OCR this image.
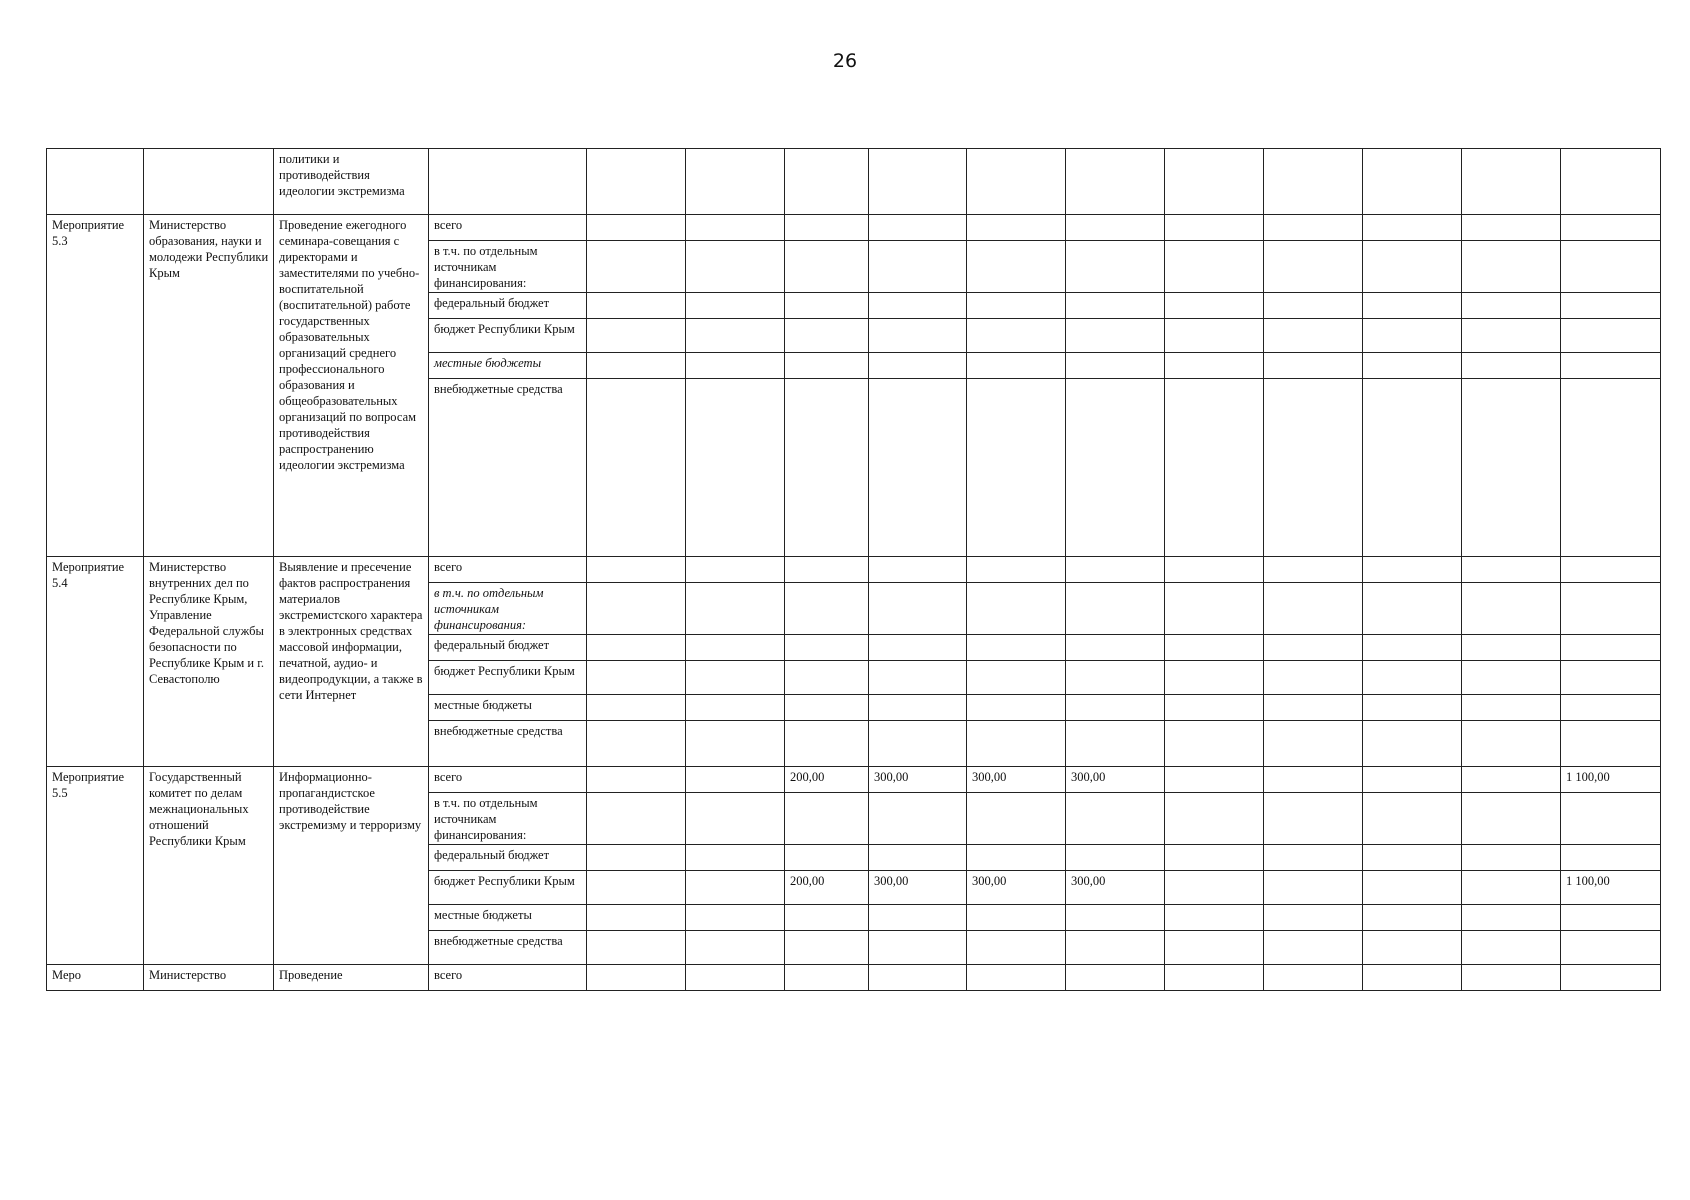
26
		политики и противодействия идеологии экстремизма												
Мероприятие 5.3	Министерство образования, науки и молодежи Республики Крым	Проведение ежегодного семинара-совещания с директорами и заместителями по учебно-воспитательной (воспитательной) работе государственных образовательных организаций среднего профессионального образования и общеобразовательных организаций по вопросам противодействия распространению идеологии экстремизма	всего											
			в т.ч. по отдельным источникам финансирования:											
			федеральный бюджет											
			бюджет Республики Крым											
			местные бюджеты											
			внебюджетные средства											
Мероприятие 5.4	Министерство внутренних дел по Республике Крым, Управление Федеральной службы безопасности по Республике Крым и г. Севастополю	Выявление и пресечение фактов распространения материалов экстремистского характера в электронных средствах массовой информации, печатной, аудио- и видеопродукции, а также в сети Интернет	всего											
			в т.ч. по отдельным источникам финансирования:											
			федеральный бюджет											
			бюджет Республики Крым											
			местные бюджеты											
			внебюджетные средства											
Мероприятие 5.5	Государственный комитет по делам межнациональных отношений Республики Крым	Информационно-пропагандистское противодействие экстремизму и терроризму	всего			200,00	300,00	300,00	300,00					1 100,00
			в т.ч. по отдельным источникам финансирования:											
			федеральный бюджет											
			бюджет Республики Крым			200,00	300,00	300,00	300,00					1 100,00
			местные бюджеты											
			внебюджетные средства											
Меро	Министерство	Проведение	всего											
